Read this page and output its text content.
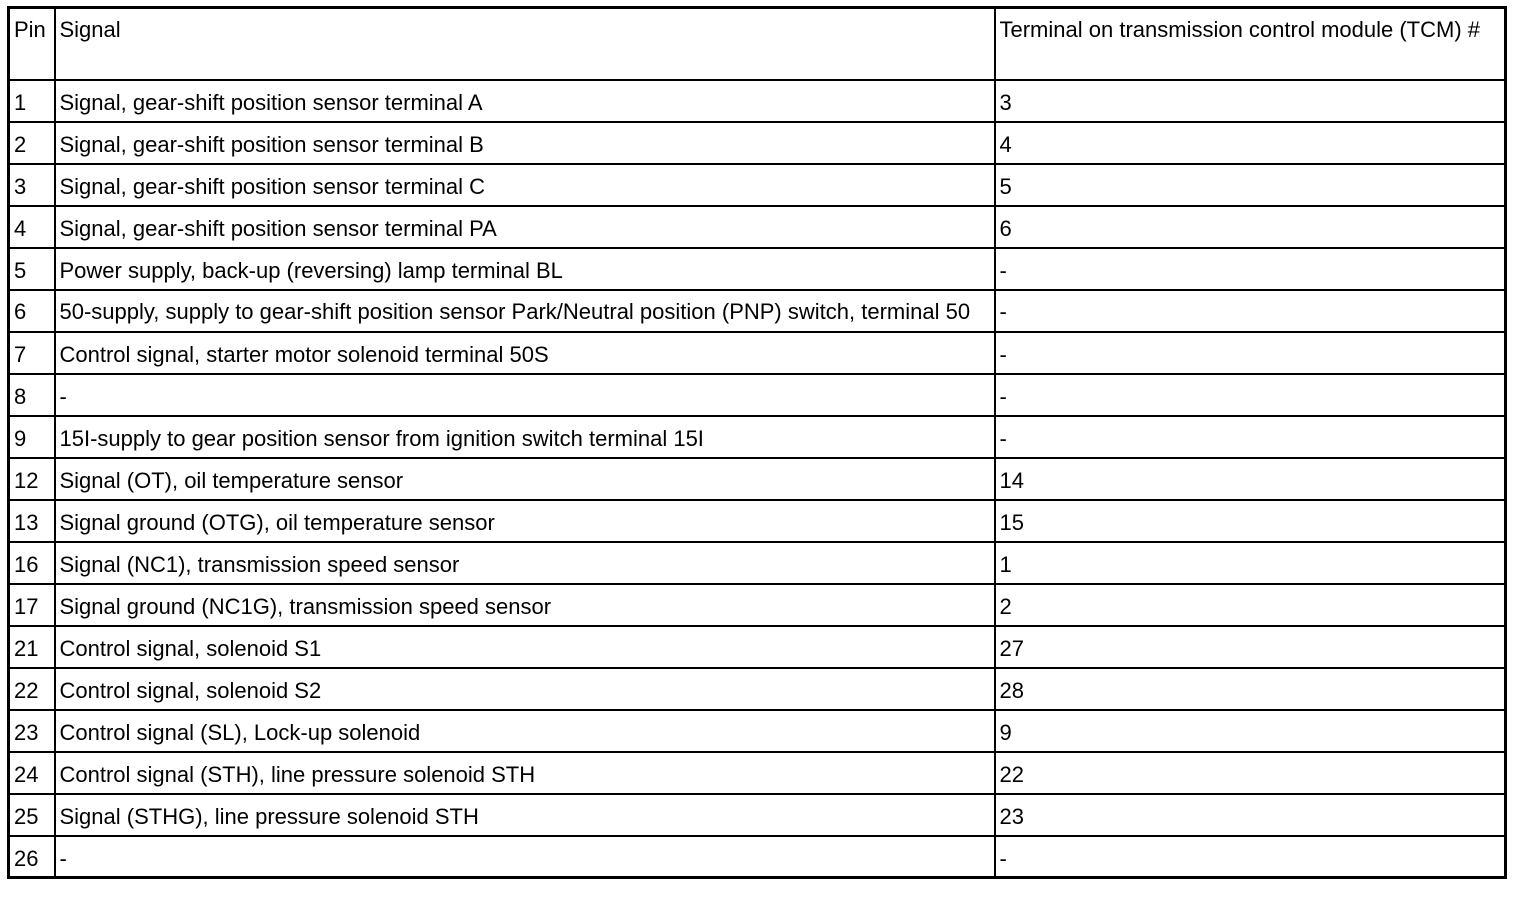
Pin	Signal	Terminal on transmission control module (TCM) #
1	Signal, gear-shift position sensor terminal A	3
2	Signal, gear-shift position sensor terminal B	4
3	Signal, gear-shift position sensor terminal C	5
4	Signal, gear-shift position sensor terminal PA	6
5	Power supply, back-up (reversing) lamp terminal BL	-
6	50-supply, supply to gear-shift position sensor Park/Neutral position (PNP) switch, terminal 50	-
7	Control signal, starter motor solenoid terminal 50S	-
8	-	-
9	15I-supply to gear position sensor from ignition switch terminal 15I	-
12	Signal (OT), oil temperature sensor	14
13	Signal ground (OTG), oil temperature sensor	15
16	Signal (NC1), transmission speed sensor	1
17	Signal ground (NC1G), transmission speed sensor	2
21	Control signal, solenoid S1	27
22	Control signal, solenoid S2	28
23	Control signal (SL), Lock-up solenoid	9
24	Control signal (STH), line pressure solenoid STH	22
25	Signal (STHG), line pressure solenoid STH	23
26	-	-
